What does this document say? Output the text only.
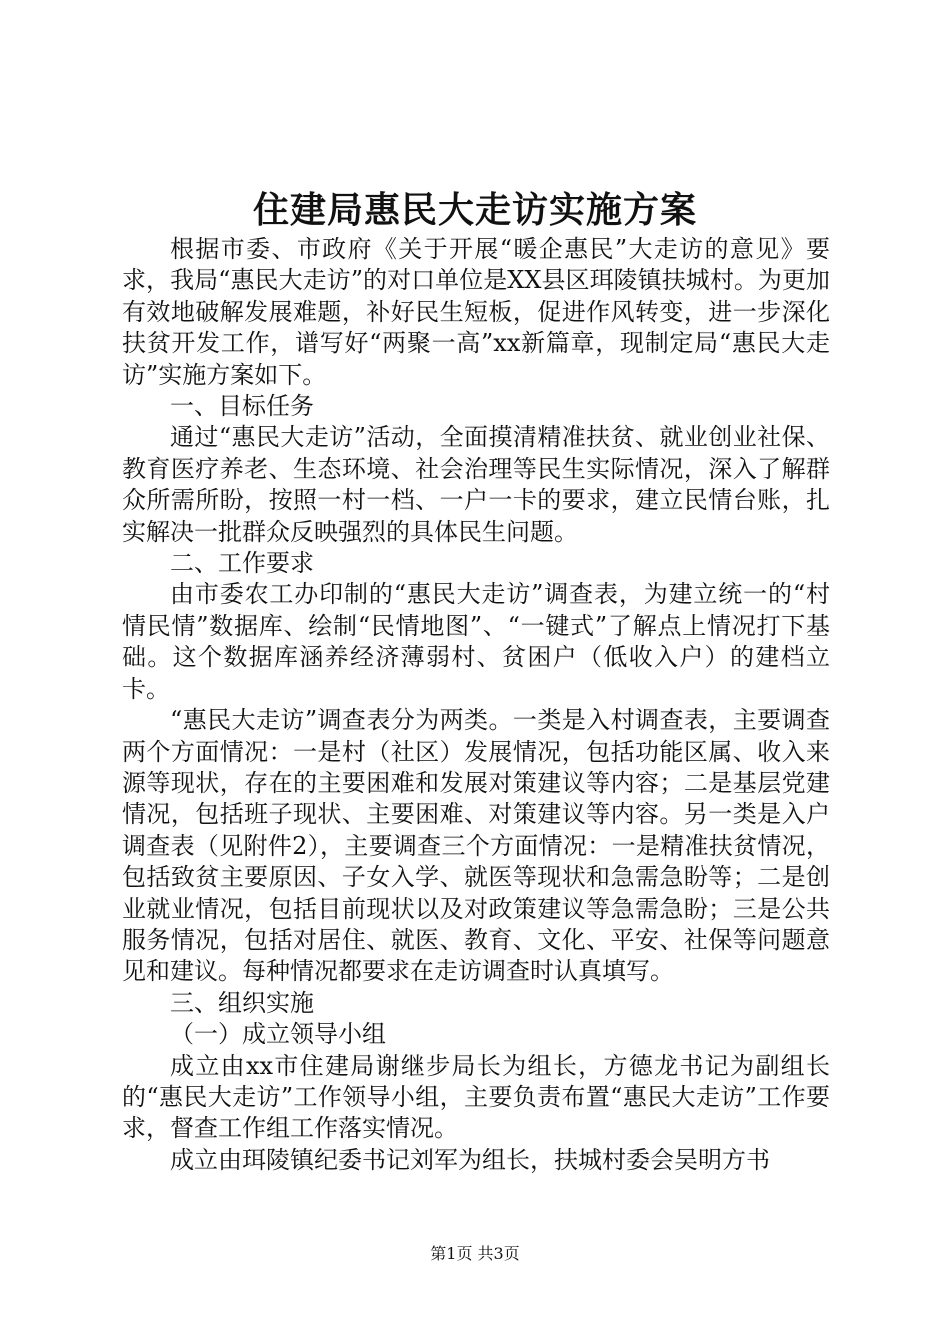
住建局惠民大走访实施方案

根据市委、市政府《关于开展“暖企惠民”大走访的意见》要求，我局“惠民大走访”的对口单位是XX县区珥陵镇扶城村。为更加有效地破解发展难题，补好民生短板，促进作风转变，进一步深化扶贫开发工作，谱写好“两聚一高”xx新篇章，现制定局“惠民大走访”实施方案如下。

一、目标任务

通过“惠民大走访”活动，全面摸清精准扶贫、就业创业社保、教育医疗养老、生态环境、社会治理等民生实际情况，深入了解群众所需所盼，按照一村一档、一户一卡的要求，建立民情台账，扎实解决一批群众反映强烈的具体民生问题。

二、工作要求

由市委农工办印制的“惠民大走访”调查表，为建立统一的“村情民情”数据库、绘制“民情地图”、“一键式”了解点上情况打下基础。这个数据库涵养经济薄弱村、贫困户（低收入户）的建档立卡。

“惠民大走访”调查表分为两类。一类是入村调查表，主要调查两个方面情况：一是村（社区）发展情况，包括功能区属、收入来源等现状，存在的主要困难和发展对策建议等内容；二是基层党建情况，包括班子现状、主要困难、对策建议等内容。另一类是入户调查表（见附件2），主要调查三个方面情况：一是精准扶贫情况，包括致贫主要原因、子女入学、就医等现状和急需急盼等；二是创业就业情况，包括目前现状以及对政策建议等急需急盼；三是公共服务情况，包括对居住、就医、教育、文化、平安、社保等问题意见和建议。每种情况都要求在走访调查时认真填写。

三、组织实施

（一）成立领导小组

成立由xx市住建局谢继步局长为组长，方德龙书记为副组长的“惠民大走访”工作领导小组，主要负责布置“惠民大走访”工作要求，督查工作组工作落实情况。

成立由珥陵镇纪委书记刘军为组长，扶城村委会吴明方书

第1页 共3页
